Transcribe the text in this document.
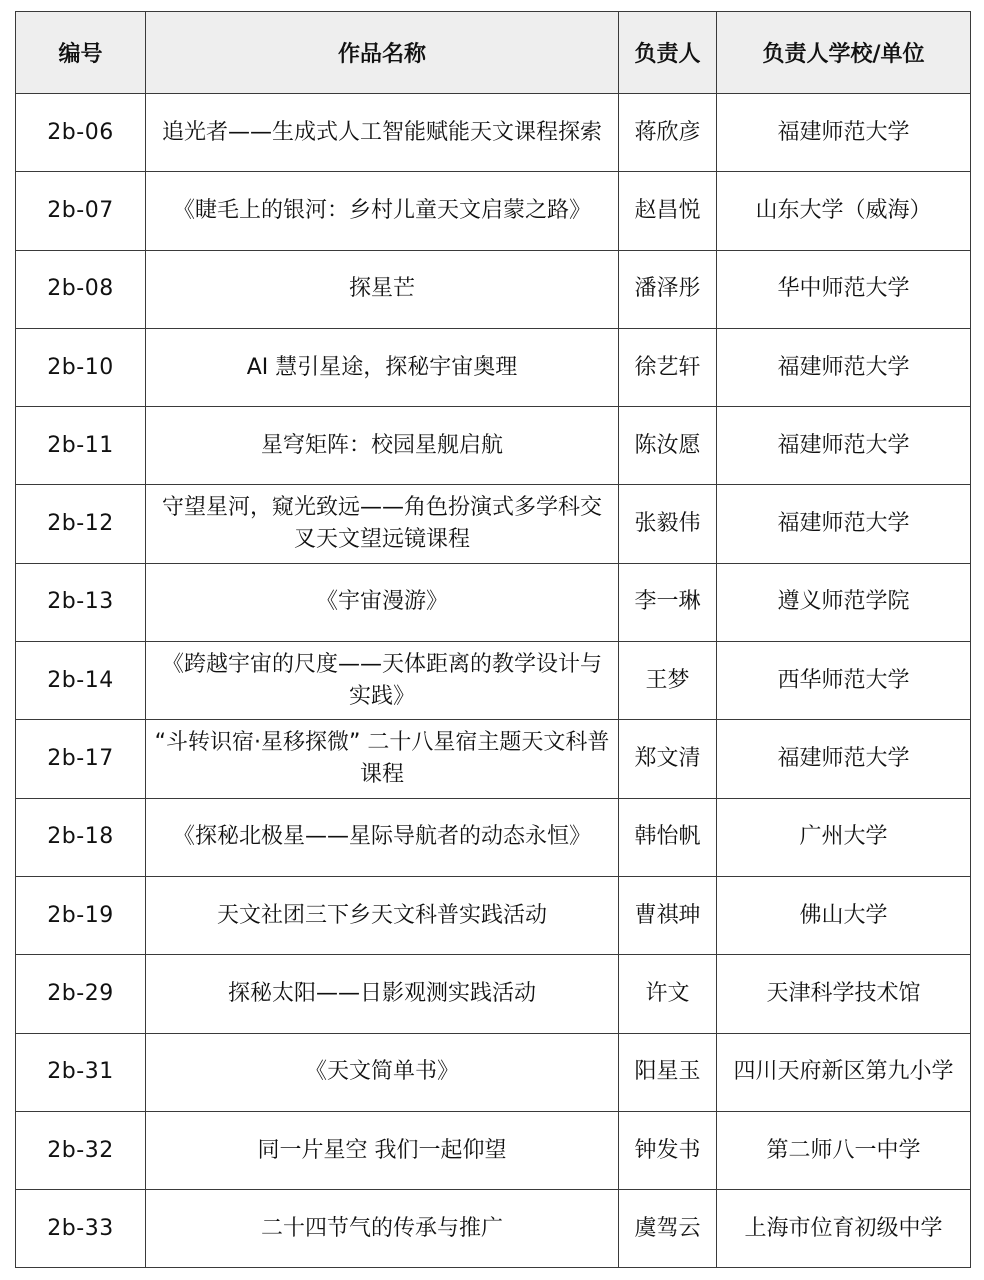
编号	作品名称	负责人	负责人学校/单位
2b-06	追光者——生成式人工智能赋能天文课程探索	蒋欣彦	福建师范大学
2b-07	《睫毛上的银河：乡村儿童天文启蒙之路》	赵昌悦	山东大学（威海）
2b-08	探星芒	潘泽彤	华中师范大学
2b-10	AI 慧引星途，探秘宇宙奥理	徐艺轩	福建师范大学
2b-11	星穹矩阵：校园星舰启航	陈汝愿	福建师范大学
2b-12	守望星河，窥光致远——角色扮演式多学科交叉天文望远镜课程	张毅伟	福建师范大学
2b-13	《宇宙漫游》	李一琳	遵义师范学院
2b-14	《跨越宇宙的尺度——天体距离的教学设计与实践》	王梦	西华师范大学
2b-17	“斗转识宿·星移探微” 二十八星宿主题天文科普课程	郑文清	福建师范大学
2b-18	《探秘北极星——星际导航者的动态永恒》	韩怡帆	广州大学
2b-19	天文社团三下乡天文科普实践活动	曹祺珅	佛山大学
2b-29	探秘太阳——日影观测实践活动	许文	天津科学技术馆
2b-31	《天文简单书》	阳星玉	四川天府新区第九小学
2b-32	同一片星空 我们一起仰望	钟发书	第二师八一中学
2b-33	二十四节气的传承与推广	虞驾云	上海市位育初级中学
